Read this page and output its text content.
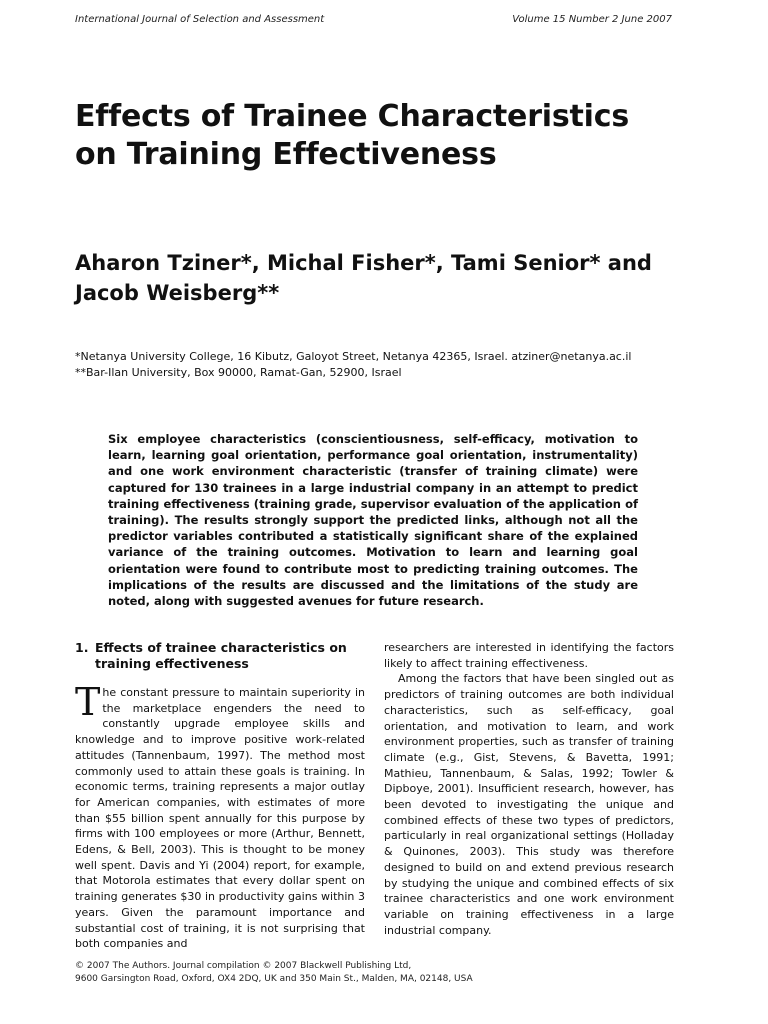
International Journal of Selection and Assessment	Volume 15 Number 2 June 2007
Effects of Trainee Characteristics on Training Effectiveness
Aharon Tziner*, Michal Fisher*, Tami Senior* and Jacob Weisberg**
*Netanya University College, 16 Kibutz, Galoyot Street, Netanya 42365, Israel. atziner@netanya.ac.il
**Bar-Ilan University, Box 90000, Ramat-Gan, 52900, Israel

Six employee characteristics (conscientiousness, self-efficacy, motivation to learn, learning goal orientation, performance goal orientation, instrumentality) and one work environment characteristic (transfer of training climate) were captured for 130 trainees in a large industrial company in an attempt to predict training effectiveness (training grade, supervisor evaluation of the application of training). The results strongly support the predicted links, although not all the predictor variables contributed a statistically significant share of the explained variance of the training outcomes. Motivation to learn and learning goal orientation were found to contribute most to predicting training outcomes. The implications of the results are discussed and the limitations of the study are noted, along with suggested avenues for future research.

1. Effects of trainee characteristics on training effectiveness

The constant pressure to maintain superiority in the marketplace engenders the need to constantly upgrade employee skills and knowledge and to improve positive work-related attitudes (Tannenbaum, 1997). The method most commonly used to attain these goals is training. In economic terms, training represents a major outlay for American companies, with estimates of more than $55 billion spent annually for this purpose by firms with 100 employees or more (Arthur, Bennett, Edens, & Bell, 2003). This is thought to be money well spent. Davis and Yi (2004) report, for example, that Motorola estimates that every dollar spent on training generates $30 in productivity gains within 3 years. Given the paramount importance and substantial cost of training, it is not surprising that both companies and

researchers are interested in identifying the factors likely to affect training effectiveness.

Among the factors that have been singled out as predictors of training outcomes are both individual characteristics, such as self-efficacy, goal orientation, and motivation to learn, and work environment properties, such as transfer of training climate (e.g., Gist, Stevens, & Bavetta, 1991; Mathieu, Tannenbaum, & Salas, 1992; Towler & Dipboye, 2001). Insufficient research, however, has been devoted to investigating the unique and combined effects of these two types of predictors, particularly in real organizational settings (Holladay & Quinones, 2003). This study was therefore designed to build on and extend previous research by studying the unique and combined effects of six trainee characteristics and one work environment variable on training effectiveness in a large industrial company.

© 2007 The Authors. Journal compilation © 2007 Blackwell Publishing Ltd,
9600 Garsington Road, Oxford, OX4 2DQ, UK and 350 Main St., Malden, MA, 02148, USA
